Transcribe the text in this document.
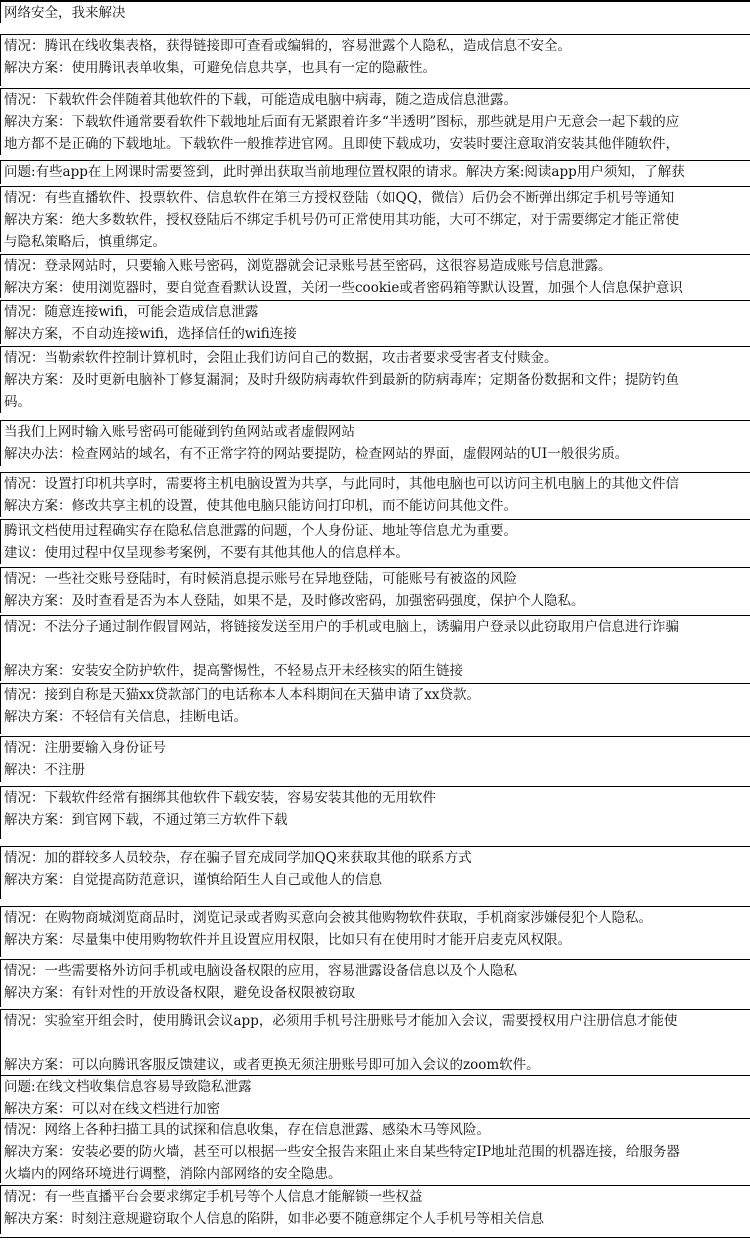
网络安全，我来解决
情况：腾讯在线收集表格，获得链接即可查看或编辑的，容易泄露个人隐私，造成信息不安全。
解决方案：使用腾讯表单收集，可避免信息共享，也具有一定的隐蔽性。
情况：下载软件会伴随着其他软件的下载，可能造成电脑中病毒，随之造成信息泄露。
解决方案：下载软件通常要看软件下载地址后面有无紧跟着许多“半透明”图标，那些就是用户无意会一起下载的应
地方都不是正确的下载地址。下载软件一般推荐进官网。且即使下载成功，安装时要注意取消安装其他伴随软件，
问题:有些app在上网课时需要签到，此时弹出获取当前地理位置权限的请求。解决方案:阅读app用户须知，了解获
情况：有些直播软件、投票软件、信息软件在第三方授权登陆（如QQ，微信）后仍会不断弹出绑定手机号等通知
解决方案：绝大多数软件，授权登陆后不绑定手机号仍可正常使用其功能，大可不绑定，对于需要绑定才能正常使
与隐私策略后，慎重绑定。
情况：登录网站时，只要输入账号密码，浏览器就会记录账号甚至密码，这很容易造成账号信息泄露。
解决方案：使用浏览器时，要自觉查看默认设置，关闭一些cookie或者密码箱等默认设置，加强个人信息保护意识
情况：随意连接wifi，可能会造成信息泄露
解决方案，不自动连接wifi，选择信任的wifi连接
情况：当勒索软件控制计算机时，会阻止我们访问自己的数据，攻击者要求受害者支付赎金。
解决方案：及时更新电脑补丁修复漏洞；及时升级防病毒软件到最新的防病毒库；定期备份数据和文件；提防钓鱼
码。
当我们上网时输入账号密码可能碰到钓鱼网站或者虚假网站
解决办法：检查网站的域名，有不正常字符的网站要提防，检查网站的界面，虚假网站的UI一般很劣质。
情况：设置打印机共享时，需要将主机电脑设置为共享，与此同时，其他电脑也可以访问主机电脑上的其他文件信
解决方案：修改共享主机的设置，使其他电脑只能访问打印机，而不能访问其他文件。
腾讯文档使用过程确实存在隐私信息泄露的问题，个人身份证、地址等信息尤为重要。
建议：使用过程中仅呈现参考案例，不要有其他其他人的信息样本。
情况：一些社交账号登陆时，有时候消息提示账号在异地登陆，可能账号有被盗的风险
解决方案：及时查看是否为本人登陆，如果不是，及时修改密码，加强密码强度，保护个人隐私。
情况：不法分子通过制作假冒网站，将链接发送至用户的手机或电脑上，诱骗用户登录以此窃取用户信息进行诈骗
解决方案：安装安全防护软件，提高警惕性，不轻易点开未经核实的陌生链接
情况：接到自称是天猫xx贷款部门的电话称本人本科期间在天猫申请了xx贷款。
解决方案：不轻信有关信息，挂断电话。
情况：注册要输入身份证号
解决：不注册
情况：下载软件经常有捆绑其他软件下载安装，容易安装其他的无用软件
解决方案：到官网下载，不通过第三方软件下载
情况：加的群较多人员较杂，存在骗子冒充成同学加QQ来获取其他的联系方式
解决方案：自觉提高防范意识，谨慎给陌生人自己或他人的信息
情况：在购物商城浏览商品时，浏览记录或者购买意向会被其他购物软件获取，手机商家涉嫌侵犯个人隐私。
解决方案：尽量集中使用购物软件并且设置应用权限，比如只有在使用时才能开启麦克风权限。
情况：一些需要格外访问手机或电脑设备权限的应用，容易泄露设备信息以及个人隐私
解决方案：有针对性的开放设备权限，避免设备权限被窃取
情况：实验室开组会时，使用腾讯会议app，必须用手机号注册账号才能加入会议，需要授权用户注册信息才能使
解决方案：可以向腾讯客服反馈建议，或者更换无须注册账号即可加入会议的zoom软件。
问题:在线文档收集信息容易导致隐私泄露
解决方案：可以对在线文档进行加密
情况：网络上各种扫描工具的试探和信息收集，存在信息泄露、感染木马等风险。
解决方案：安装必要的防火墙，甚至可以根据一些安全报告来阻止来自某些特定IP地址范围的机器连接，给服务器
火墙内的网络环境进行调整，消除内部网络的安全隐患。
情况：有一些直播平台会要求绑定手机号等个人信息才能解锁一些权益
解决方案：时刻注意规避窃取个人信息的陷阱，如非必要不随意绑定个人手机号等相关信息
